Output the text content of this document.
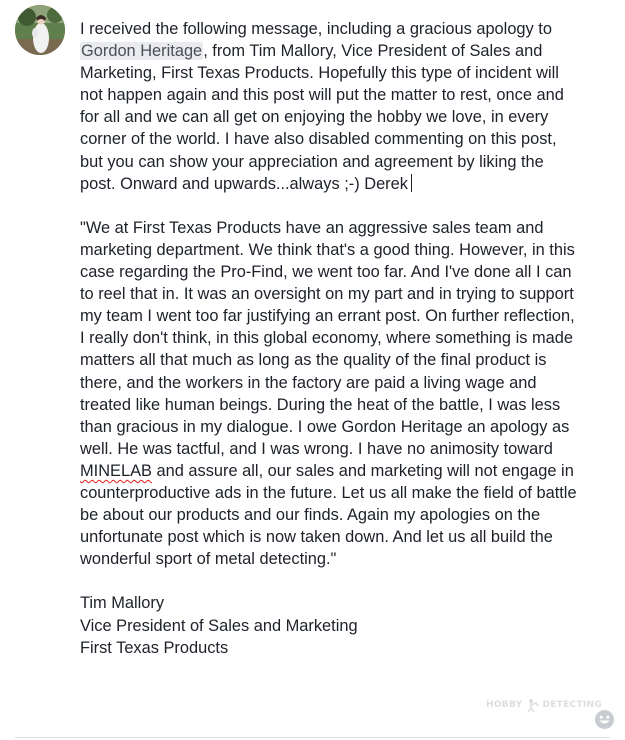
I received the following message, including a gracious apology to Gordon Heritage, from Tim Mallory, Vice President of Sales and Marketing, First Texas Products. Hopefully this type of incident will not happen again and this post will put the matter to rest, once and for all and we can all get on enjoying the hobby we love, in every corner of the world. I have also disabled commenting on this post, but you can show your appreciation and agreement by liking the post. Onward and upwards...always ;-) Derek

"We at First Texas Products have an aggressive sales team and marketing department. We think that's a good thing. However, in this case regarding the Pro-Find, we went too far. And I've done all I can to reel that in. It was an oversight on my part and in trying to support my team I went too far justifying an errant post. On further reflection, I really don't think, in this global economy, where something is made matters all that much as long as the quality of the final product is there, and the workers in the factory are paid a living wage and treated like human beings. During the heat of the battle, I was less than gracious in my dialogue. I owe Gordon Heritage an apology as well. He was tactful, and I was wrong. I have no animosity toward MINELAB and assure all, our sales and marketing will not engage in counterproductive ads in the future. Let us all make the field of battle be about our products and our finds. Again my apologies on the unfortunate post which is now taken down. And let us all build the wonderful sport of metal detecting."

Tim Mallory

Vice President of Sales and Marketing

First Texas Products

HOBBY DETECTING
